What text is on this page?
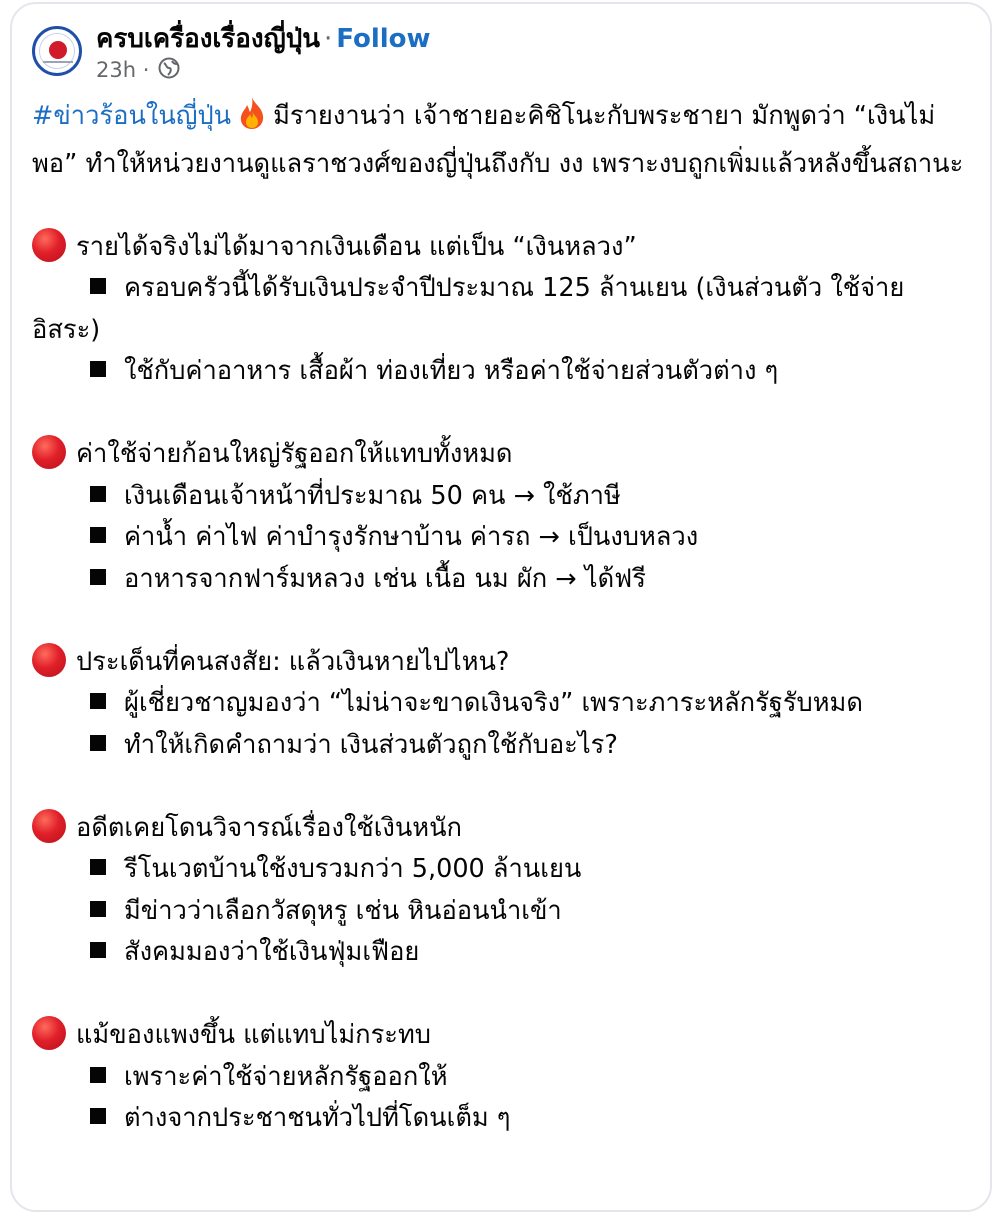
ครบเครื่องเรื่องญี่ปุ่น · Follow
23h ·

#ข่าวร้อนในญี่ปุ่น มีรายงานว่า เจ้าชายอะคิชิโนะกับพระชายา มักพูดว่า “เงินไม่พอ” ทำให้หน่วยงานดูแลราชวงศ์ของญี่ปุ่นถึงกับ งง เพราะงบถูกเพิ่มแล้วหลังขึ้นสถานะ

รายได้จริงไม่ได้มาจากเงินเดือน แต่เป็น “เงินหลวง”
ครอบครัวนี้ได้รับเงินประจำปีประมาณ 125 ล้านเยน (เงินส่วนตัว ใช้จ่ายอิสระ)
ใช้กับค่าอาหาร เสื้อผ้า ท่องเที่ยว หรือค่าใช้จ่ายส่วนตัวต่าง ๆ
ค่าใช้จ่ายก้อนใหญ่รัฐออกให้แทบทั้งหมด
เงินเดือนเจ้าหน้าที่ประมาณ 50 คน → ใช้ภาษี
ค่าน้ำ ค่าไฟ ค่าบำรุงรักษาบ้าน ค่ารถ → เป็นงบหลวง
อาหารจากฟาร์มหลวง เช่น เนื้อ นม ผัก → ได้ฟรี
ประเด็นที่คนสงสัย: แล้วเงินหายไปไหน?
ผู้เชี่ยวชาญมองว่า “ไม่น่าจะขาดเงินจริง” เพราะภาระหลักรัฐรับหมด
ทำให้เกิดคำถามว่า เงินส่วนตัวถูกใช้กับอะไร?
อดีตเคยโดนวิจารณ์เรื่องใช้เงินหนัก
รีโนเวตบ้านใช้งบรวมกว่า 5,000 ล้านเยน
มีข่าวว่าเลือกวัสดุหรู เช่น หินอ่อนนำเข้า
สังคมมองว่าใช้เงินฟุ่มเฟือย
แม้ของแพงขึ้น แต่แทบไม่กระทบ
เพราะค่าใช้จ่ายหลักรัฐออกให้
ต่างจากประชาชนทั่วไปที่โดนเต็ม ๆ
